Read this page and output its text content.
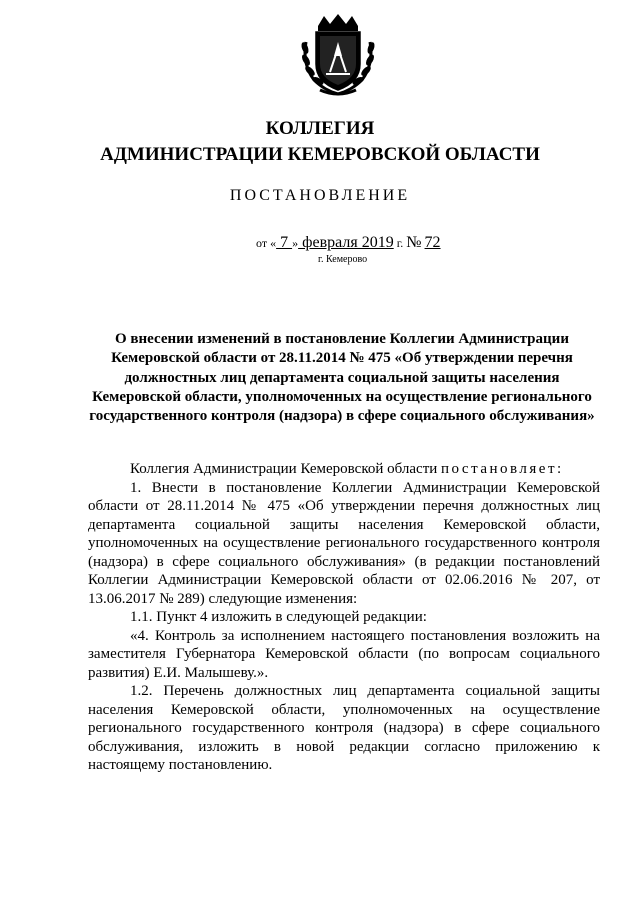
КОЛЛЕГИЯ
АДМИНИСТРАЦИИ КЕМЕРОВСКОЙ ОБЛАСТИ
ПОСТАНОВЛЕНИЕ
от « 7 » февраля 2019 г. № 72
г. Кемерово
О внесении изменений в постановление Коллегии Администрации Кемеровской области от 28.11.2014 № 475 «Об утверждении перечня должностных лиц департамента социальной защиты населения Кемеровской области, уполномоченных на осуществление регионального государственного контроля (надзора) в сфере социального обслуживания»

Коллегия Администрации Кемеровской области постановляет:

1. Внести в постановление Коллегии Администрации Кемеровской области от 28.11.2014 № 475 «Об утверждении перечня должностных лиц департамента социальной защиты населения Кемеровской области, уполномоченных на осуществление регионального государственного контроля (надзора) в сфере социального обслуживания» (в редакции постановлений Коллегии Администрации Кемеровской области от 02.06.2016 № 207, от 13.06.2017 № 289) следующие изменения:

1.1. Пункт 4 изложить в следующей редакции:

«4. Контроль за исполнением настоящего постановления возложить на заместителя Губернатора Кемеровской области (по вопросам социального развития) Е.И. Малышеву.».

1.2. Перечень должностных лиц департамента социальной защиты населения Кемеровской области, уполномоченных на осуществление регионального государственного контроля (надзора) в сфере социального обслуживания, изложить в новой редакции согласно приложению к настоящему постановлению.
